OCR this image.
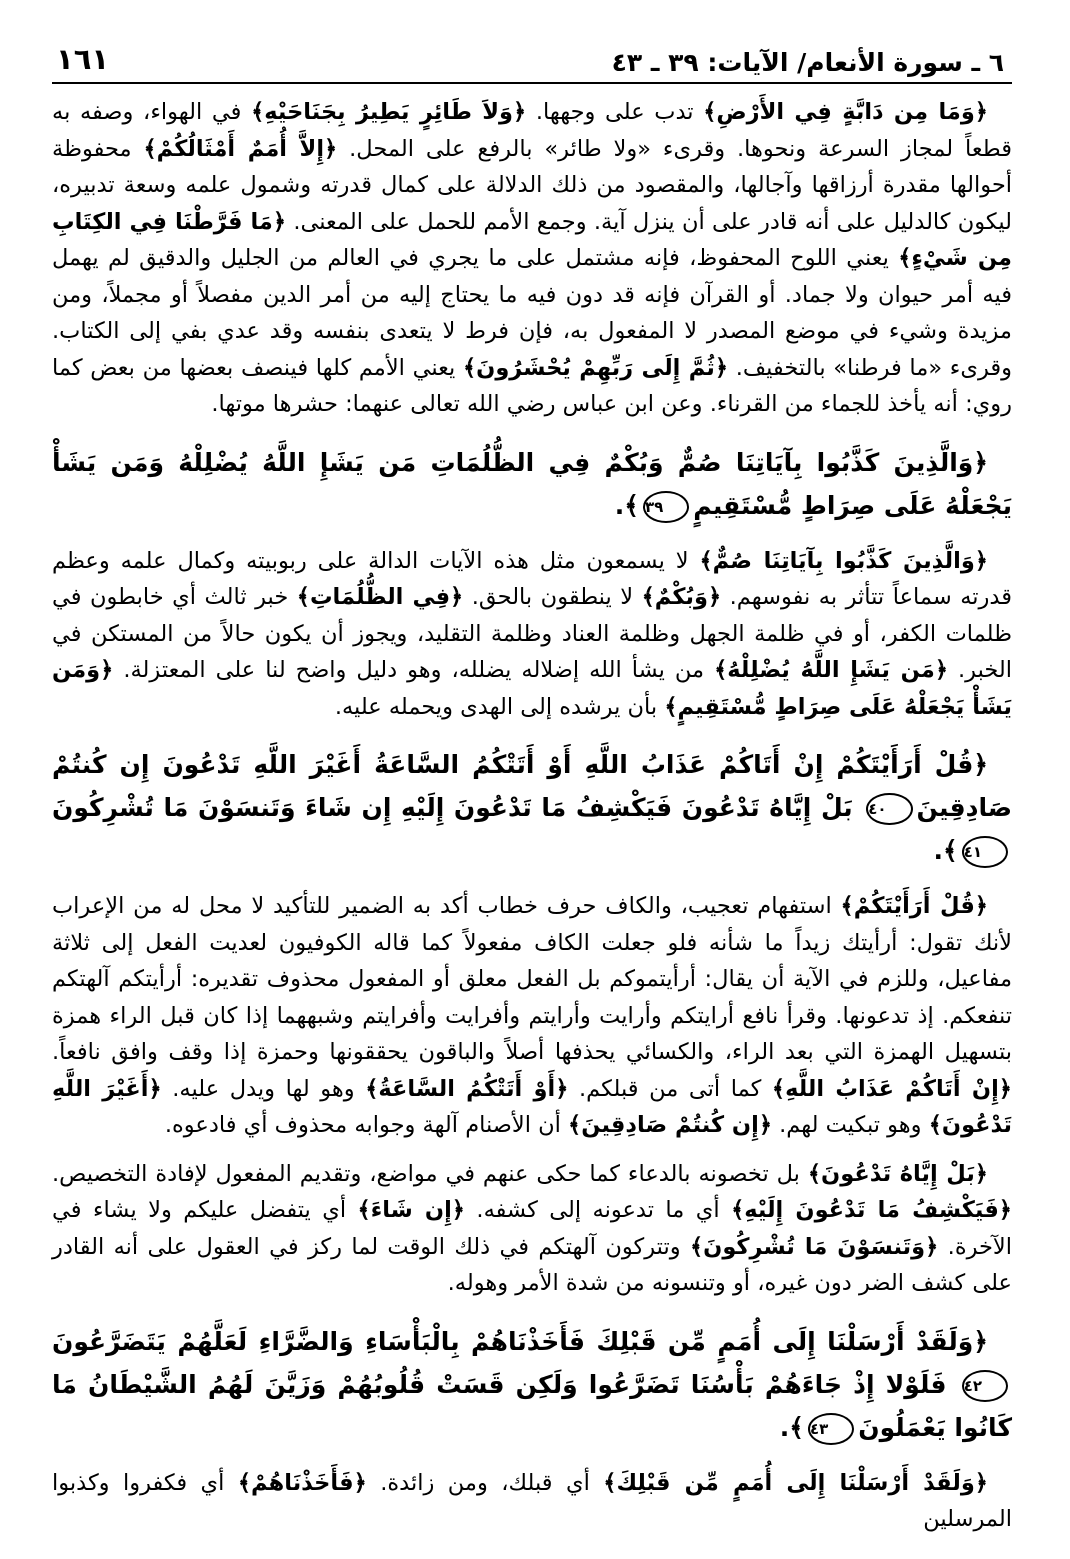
٦ ـ سورة الأنعام/ الآيات: ٣٩ ـ ٤٣
١٦١

﴿وَمَا مِن دَابَّةٍ فِي الأَرْضِ﴾ تدب على وجهها. ﴿وَلاَ طَائِرٍ يَطِيرُ بِجَنَاحَيْهِ﴾ في الهواء، وصفه به قطعاً لمجاز السرعة ونحوها. وقرىء «ولا طائر» بالرفع على المحل. ﴿إِلاَّ أُمَمٌ أَمْثَالُكُمْ﴾ محفوظة أحوالها مقدرة أرزاقها وآجالها، والمقصود من ذلك الدلالة على كمال قدرته وشمول علمه وسعة تدبيره، ليكون كالدليل على أنه قادر على أن ينزل آية. وجمع الأمم للحمل على المعنى. ﴿مَا فَرَّطْنَا فِي الكِتَابِ مِن شَيْءٍ﴾ يعني اللوح المحفوظ، فإنه مشتمل على ما يجري في العالم من الجليل والدقيق لم يهمل فيه أمر حيوان ولا جماد. أو القرآن فإنه قد دون فيه ما يحتاج إليه من أمر الدين مفصلاً أو مجملاً، ومن مزيدة وشيء في موضع المصدر لا المفعول به، فإن فرط لا يتعدى بنفسه وقد عدي بفي إلى الكتاب. وقرىء «ما فرطنا» بالتخفيف. ﴿ثُمَّ إِلَى رَبِّهِمْ يُحْشَرُونَ﴾ يعني الأمم كلها فينصف بعضها من بعض كما روي: أنه يأخذ للجماء من القرناء. وعن ابن عباس رضي الله تعالى عنهما: حشرها موتها.

﴿وَالَّذِينَ كَذَّبُوا بِآيَاتِنَا صُمٌّ وَبُكْمٌ فِي الظُّلُمَاتِ مَن يَشَإِ اللَّهُ يُضْلِلْهُ وَمَن يَشَأْ يَجْعَلْهُ عَلَى صِرَاطٍ مُّسْتَقِيمٍ٣٩﴾.

﴿وَالَّذِينَ كَذَّبُوا بِآيَاتِنَا صُمٌّ﴾ لا يسمعون مثل هذه الآيات الدالة على ربوبيته وكمال علمه وعظم قدرته سماعاً تتأثر به نفوسهم. ﴿وَبُكْمٌ﴾ لا ينطقون بالحق. ﴿فِي الظُّلُمَاتِ﴾ خبر ثالث أي خابطون في ظلمات الكفر، أو في ظلمة الجهل وظلمة العناد وظلمة التقليد، ويجوز أن يكون حالاً من المستكن في الخبر. ﴿مَن يَشَإِ اللَّهُ يُضْلِلْهُ﴾ من يشأ الله إضلاله يضلله، وهو دليل واضح لنا على المعتزلة. ﴿وَمَن يَشَأْ يَجْعَلْهُ عَلَى صِرَاطٍ مُّسْتَقِيمٍ﴾ بأن يرشده إلى الهدى ويحمله عليه.

﴿قُلْ أَرَأَيْتَكُمْ إِنْ أَتَاكُمْ عَذَابُ اللَّهِ أَوْ أَتَتْكُمُ السَّاعَةُ أَغَيْرَ اللَّهِ تَدْعُونَ إِن كُنتُمْ صَادِقِينَ٤٠ بَلْ إِيَّاهُ تَدْعُونَ فَيَكْشِفُ مَا تَدْعُونَ إِلَيْهِ إِن شَاءَ وَتَنسَوْنَ مَا تُشْرِكُونَ٤١﴾.

﴿قُلْ أَرَأَيْتَكُمْ﴾ استفهام تعجيب، والكاف حرف خطاب أكد به الضمير للتأكيد لا محل له من الإعراب لأنك تقول: أرأيتك زيداً ما شأنه فلو جعلت الكاف مفعولاً كما قاله الكوفيون لعديت الفعل إلى ثلاثة مفاعيل، وللزم في الآية أن يقال: أرأيتموكم بل الفعل معلق أو المفعول محذوف تقديره: أرأيتكم آلهتكم تنفعكم. إذ تدعونها. وقرأ نافع أرايتكم وأرايت وأرايتم وأفرايت وأفرايتم وشبههما إذا كان قبل الراء همزة بتسهيل الهمزة التي بعد الراء، والكسائي يحذفها أصلاً والباقون يحققونها وحمزة إذا وقف وافق نافعاً. ﴿إِنْ أَتَاكُمْ عَذَابُ اللَّهِ﴾ كما أتى من قبلكم. ﴿أَوْ أَتَتْكُمُ السَّاعَةُ﴾ وهو لها ويدل عليه. ﴿أَغَيْرَ اللَّهِ تَدْعُونَ﴾ وهو تبكيت لهم. ﴿إِن كُنتُمْ صَادِقِينَ﴾ أن الأصنام آلهة وجوابه محذوف أي فادعوه.

﴿بَلْ إِيَّاهُ تَدْعُونَ﴾ بل تخصونه بالدعاء كما حكى عنهم في مواضع، وتقديم المفعول لإفادة التخصيص. ﴿فَيَكْشِفُ مَا تَدْعُونَ إِلَيْهِ﴾ أي ما تدعونه إلى كشفه. ﴿إِن شَاءَ﴾ أي يتفضل عليكم ولا يشاء في الآخرة. ﴿وَتَنسَوْنَ مَا تُشْرِكُونَ﴾ وتتركون آلهتكم في ذلك الوقت لما ركز في العقول على أنه القادر على كشف الضر دون غيره، أو وتنسونه من شدة الأمر وهوله.

﴿وَلَقَدْ أَرْسَلْنَا إِلَى أُمَمٍ مِّن قَبْلِكَ فَأَخَذْنَاهُمْ بِالْبَأْسَاءِ وَالضَّرَّاءِ لَعَلَّهُمْ يَتَضَرَّعُونَ٤٢ فَلَوْلا إِذْ جَاءَهُمْ بَأْسُنَا تَضَرَّعُوا وَلَكِن قَسَتْ قُلُوبُهُمْ وَزَيَّنَ لَهُمُ الشَّيْطَانُ مَا كَانُوا يَعْمَلُونَ٤٣﴾.

﴿وَلَقَدْ أَرْسَلْنَا إِلَى أُمَمٍ مِّن قَبْلِكَ﴾ أي قبلك، ومن زائدة. ﴿فَأَخَذْنَاهُمْ﴾ أي فكفروا وكذبوا المرسلين
